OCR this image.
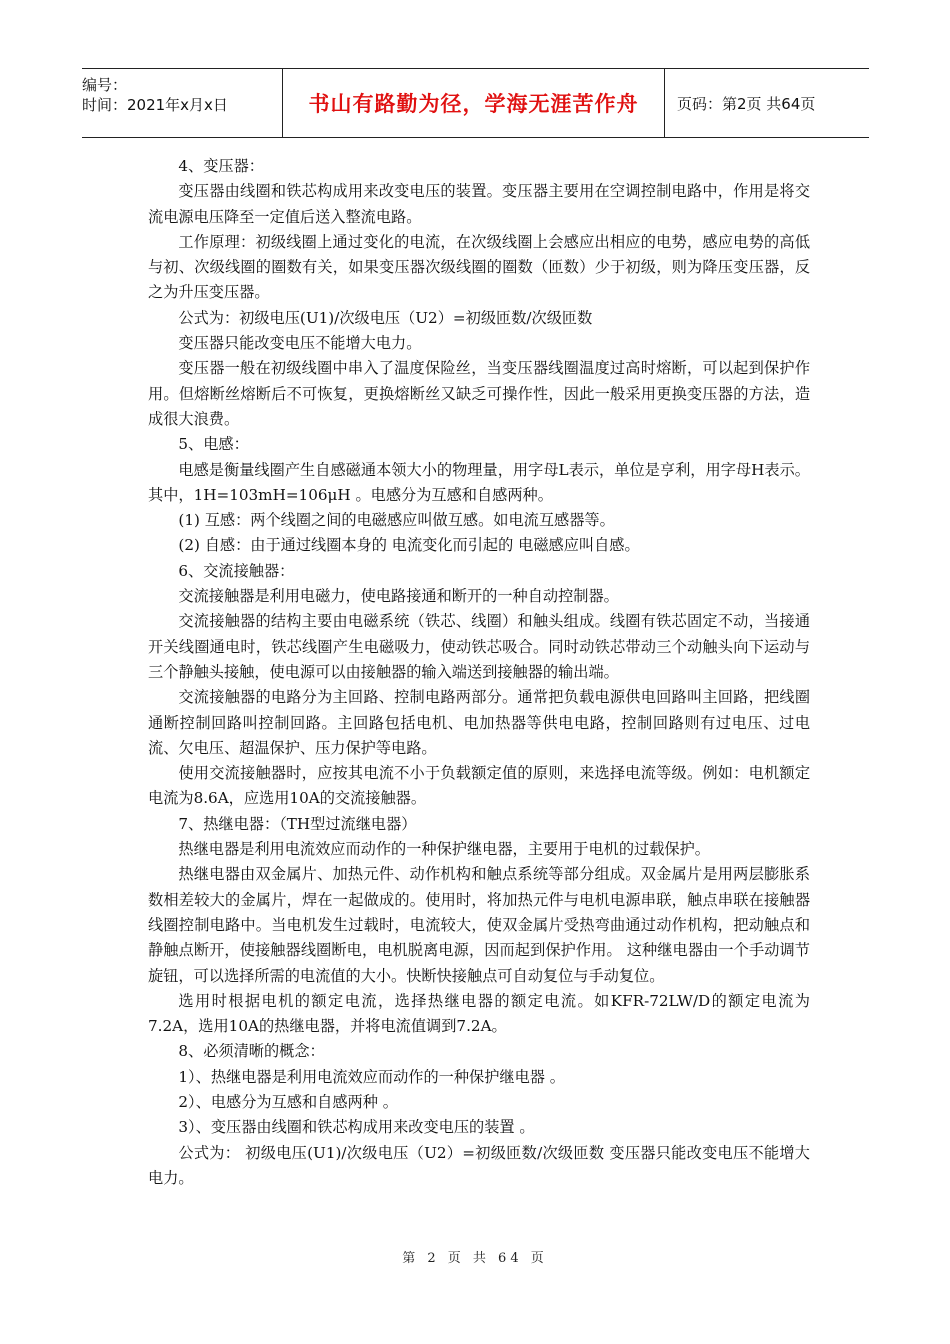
编号：
时间：2021年x月x日	书山有路勤为径，学海无涯苦作舟	页码：第2页 共64页

4、变压器：

变压器由线圈和铁芯构成用来改变电压的装置。变压器主要用在空调控制电路中，作用是将交流电源电压降至一定值后送入整流电路。

工作原理：初级线圈上通过变化的电流，在次级线圈上会感应出相应的电势，感应电势的高低与初、次级线圈的圈数有关，如果变压器次级线圈的圈数（匝数）少于初级，则为降压变压器，反之为升压变压器。

公式为：初级电压(U1)/次级电压（U2）=初级匝数/次级匝数

变压器只能改变电压不能增大电力。

变压器一般在初级线圈中串入了温度保险丝，当变压器线圈温度过高时熔断，可以起到保护作用。但熔断丝熔断后不可恢复，更换熔断丝又缺乏可操作性，因此一般采用更换变压器的方法，造成很大浪费。

5、电感：

电感是衡量线圈产生自感磁通本领大小的物理量，用字母L表示，单位是亨利，用字母H表示。 其中，1H=103mH=106μH 。电感分为互感和自感两种。

(1) 互感：两个线圈之间的电磁感应叫做互感。如电流互感器等。

(2) 自感：由于通过线圈本身的 电流变化而引起的 电磁感应叫自感。

6、交流接触器：

交流接触器是利用电磁力，使电路接通和断开的一种自动控制器。

交流接触器的结构主要由电磁系统（铁芯、线圈）和触头组成。线圈有铁芯固定不动，当接通开关线圈通电时，铁芯线圈产生电磁吸力，使动铁芯吸合。同时动铁芯带动三个动触头向下运动与三个静触头接触，使电源可以由接触器的输入端送到接触器的输出端。

交流接触器的电路分为主回路、控制电路两部分。通常把负载电源供电回路叫主回路，把线圈通断控制回路叫控制回路。主回路包括电机、电加热器等供电电路，控制回路则有过电压、过电流、欠电压、超温保护、压力保护等电路。

使用交流接触器时，应按其电流不小于负载额定值的原则，来选择电流等级。例如：电机额定电流为8.6A，应选用10A的交流接触器。

7、热继电器：（TH型过流继电器）

热继电器是利用电流效应而动作的一种保护继电器，主要用于电机的过载保护。

热继电器由双金属片、加热元件、动作机构和触点系统等部分组成。双金属片是用两层膨胀系数相差较大的金属片，焊在一起做成的。使用时，将加热元件与电机电源串联，触点串联在接触器线圈控制电路中。当电机发生过载时，电流较大，使双金属片受热弯曲通过动作机构，把动触点和静触点断开，使接触器线圈断电，电机脱离电源，因而起到保护作用。 这种继电器由一个手动调节旋钮，可以选择所需的电流值的大小。快断快接触点可自动复位与手动复位。

选用时根据电机的额定电流，选择热继电器的额定电流。如KFR-72LW/D的额定电流为7.2A，选用10A的热继电器，并将电流值调到7.2A。

8、必须清晰的概念：

1）、热继电器是利用电流效应而动作的一种保护继电器 。

2）、电感分为互感和自感两种 。

3）、变压器由线圈和铁芯构成用来改变电压的装置 。

公式为： 初级电压(U1)/次级电压（U2）=初级匝数/次级匝数 变压器只能改变电压不能增大电力。

第 2 页 共 64 页
